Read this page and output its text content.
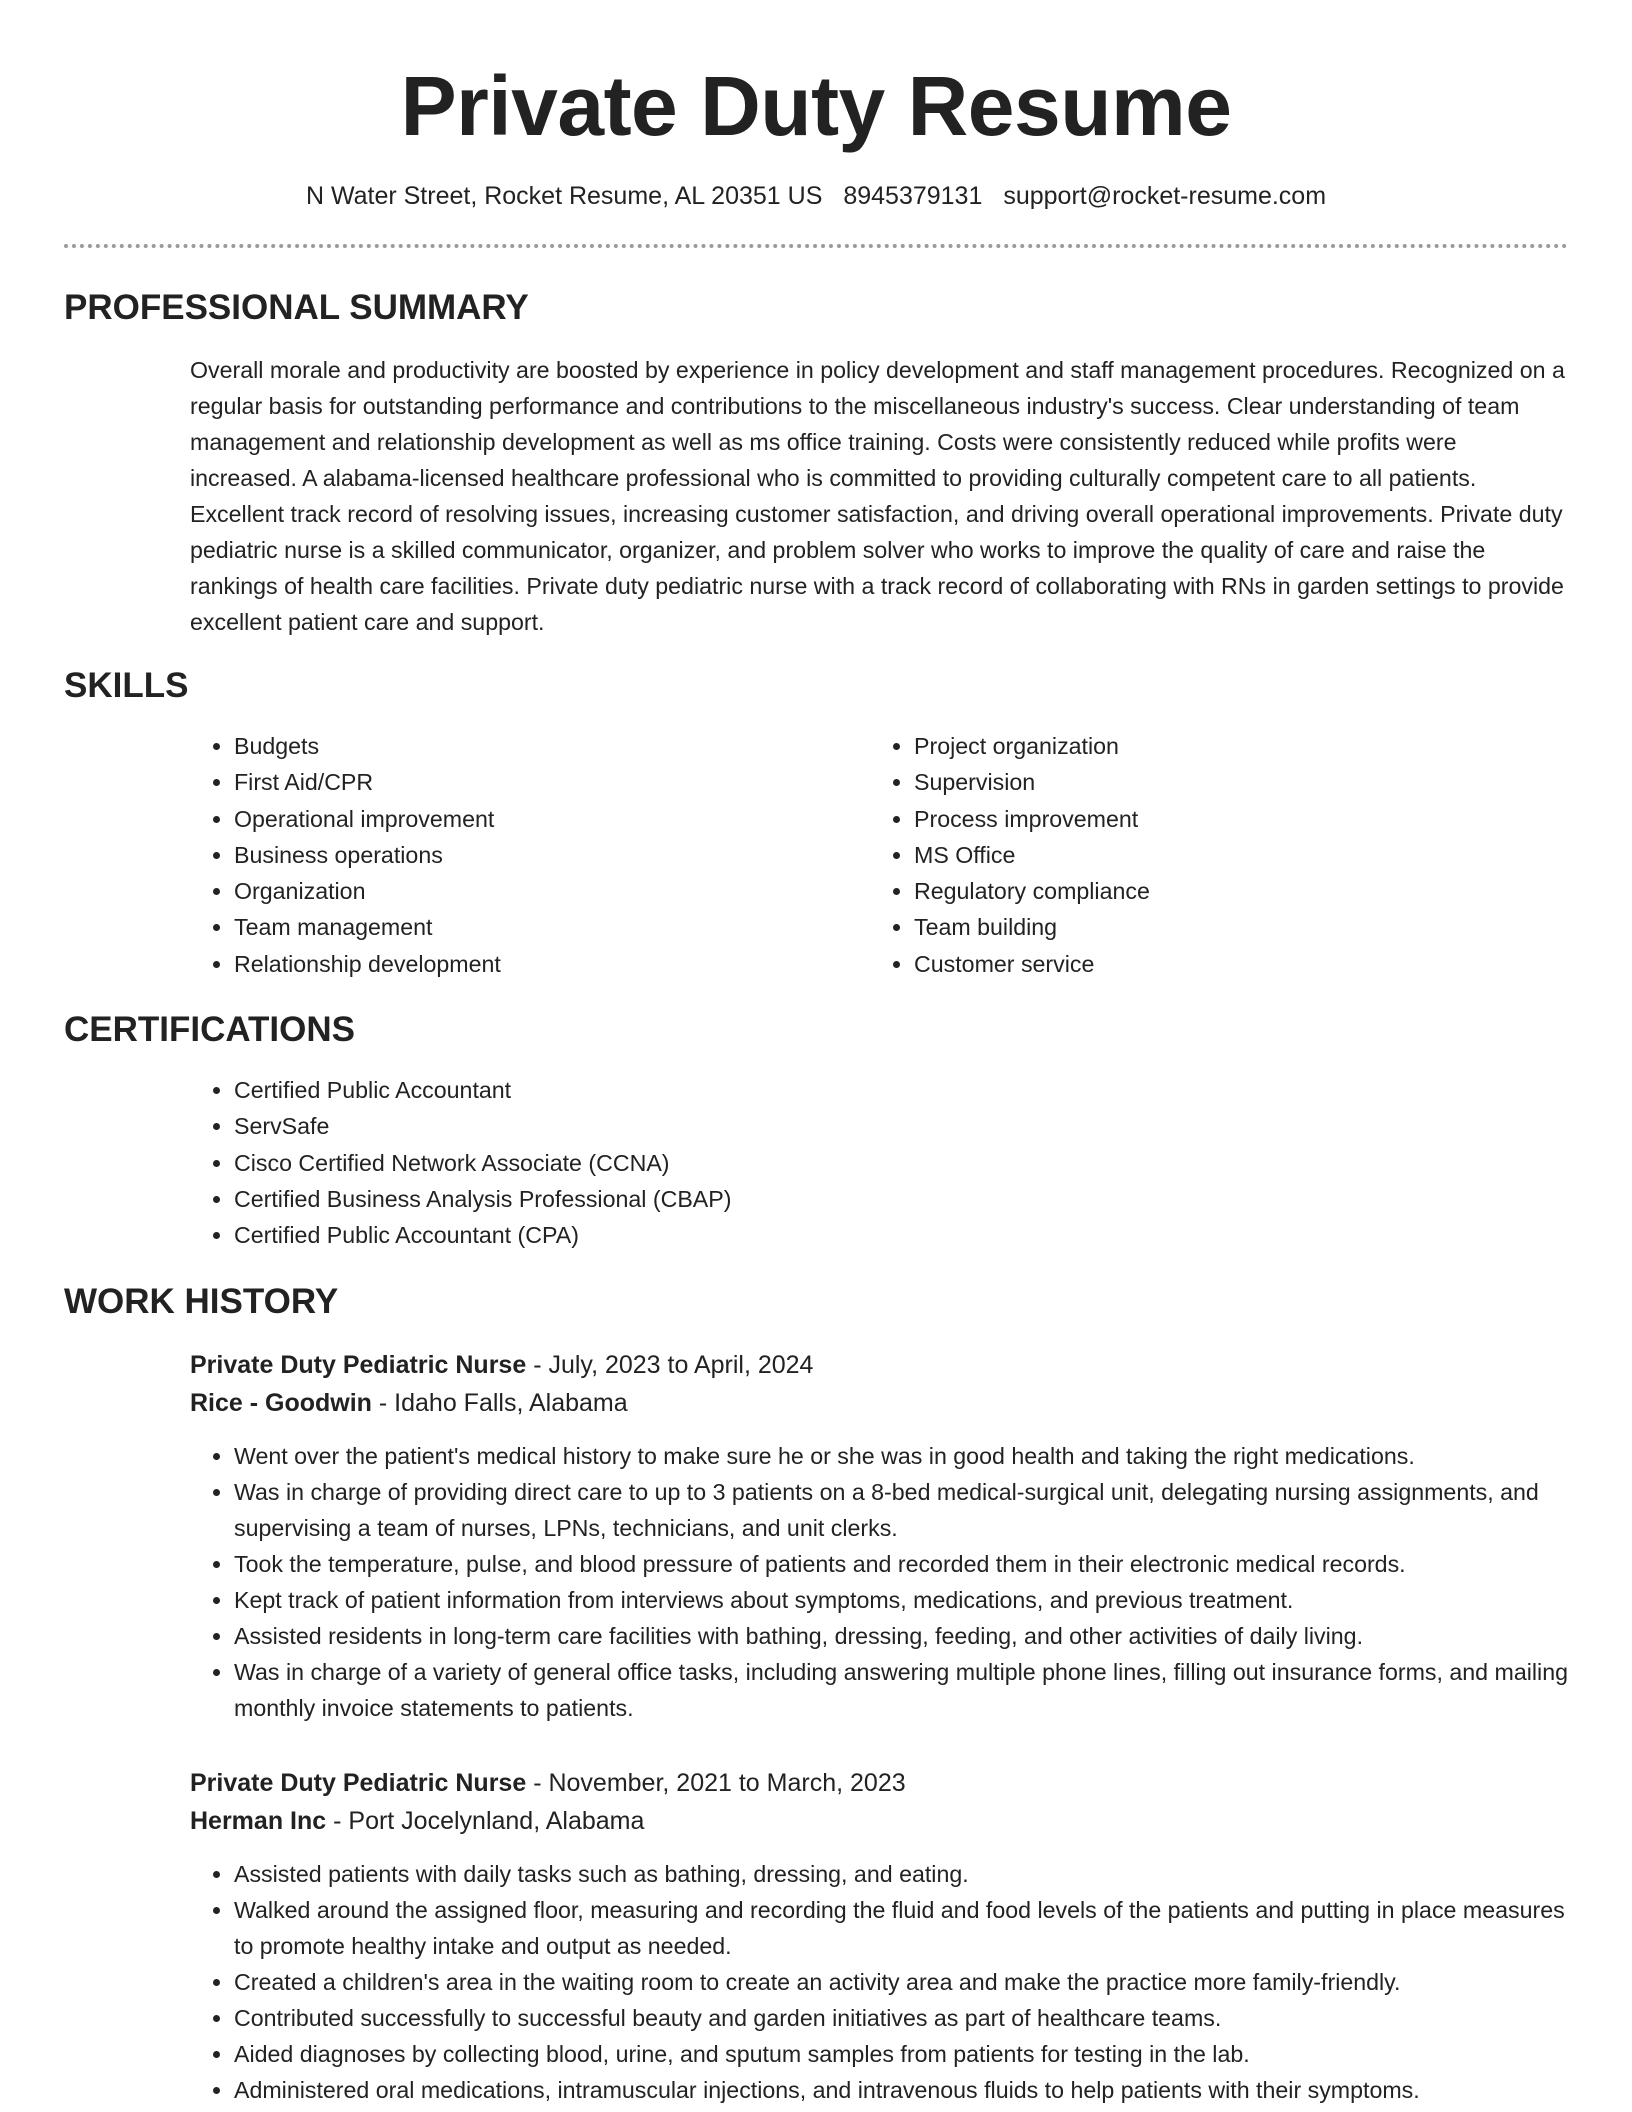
Private Duty Resume
N Water Street, Rocket Resume, AL 20351 US 8945379131 support@rocket-resume.com
PROFESSIONAL SUMMARY
Overall morale and productivity are boosted by experience in policy development and staff management procedures. Recognized on a regular basis for outstanding performance and contributions to the miscellaneous industry's success. Clear understanding of team management and relationship development as well as ms office training. Costs were consistently reduced while profits were increased. A alabama-licensed healthcare professional who is committed to providing culturally competent care to all patients. Excellent track record of resolving issues, increasing customer satisfaction, and driving overall operational improvements. Private duty pediatric nurse is a skilled communicator, organizer, and problem solver who works to improve the quality of care and raise the rankings of health care facilities. Private duty pediatric nurse with a track record of collaborating with RNs in garden settings to provide excellent patient care and support.
SKILLS
• Budgets
• First Aid/CPR
• Operational improvement
• Business operations
• Organization
• Team management
• Relationship development
• Project organization
• Supervision
• Process improvement
• MS Office
• Regulatory compliance
• Team building
• Customer service
CERTIFICATIONS
• Certified Public Accountant
• ServSafe
• Cisco Certified Network Associate (CCNA)
• Certified Business Analysis Professional (CBAP)
• Certified Public Accountant (CPA)
WORK HISTORY
Private Duty Pediatric Nurse - July, 2023 to April, 2024
Rice - Goodwin - Idaho Falls, Alabama
• Went over the patient's medical history to make sure he or she was in good health and taking the right medications.
• Was in charge of providing direct care to up to 3 patients on a 8-bed medical-surgical unit, delegating nursing assignments, and supervising a team of nurses, LPNs, technicians, and unit clerks.
• Took the temperature, pulse, and blood pressure of patients and recorded them in their electronic medical records.
• Kept track of patient information from interviews about symptoms, medications, and previous treatment.
• Assisted residents in long-term care facilities with bathing, dressing, feeding, and other activities of daily living.
• Was in charge of a variety of general office tasks, including answering multiple phone lines, filling out insurance forms, and mailing monthly invoice statements to patients.
Private Duty Pediatric Nurse - November, 2021 to March, 2023
Herman Inc - Port Jocelynland, Alabama
• Assisted patients with daily tasks such as bathing, dressing, and eating.
• Walked around the assigned floor, measuring and recording the fluid and food levels of the patients and putting in place measures to promote healthy intake and output as needed.
• Created a children's area in the waiting room to create an activity area and make the practice more family-friendly.
• Contributed successfully to successful beauty and garden initiatives as part of healthcare teams.
• Aided diagnoses by collecting blood, urine, and sputum samples from patients for testing in the lab.
• Administered oral medications, intramuscular injections, and intravenous fluids to help patients with their symptoms.
